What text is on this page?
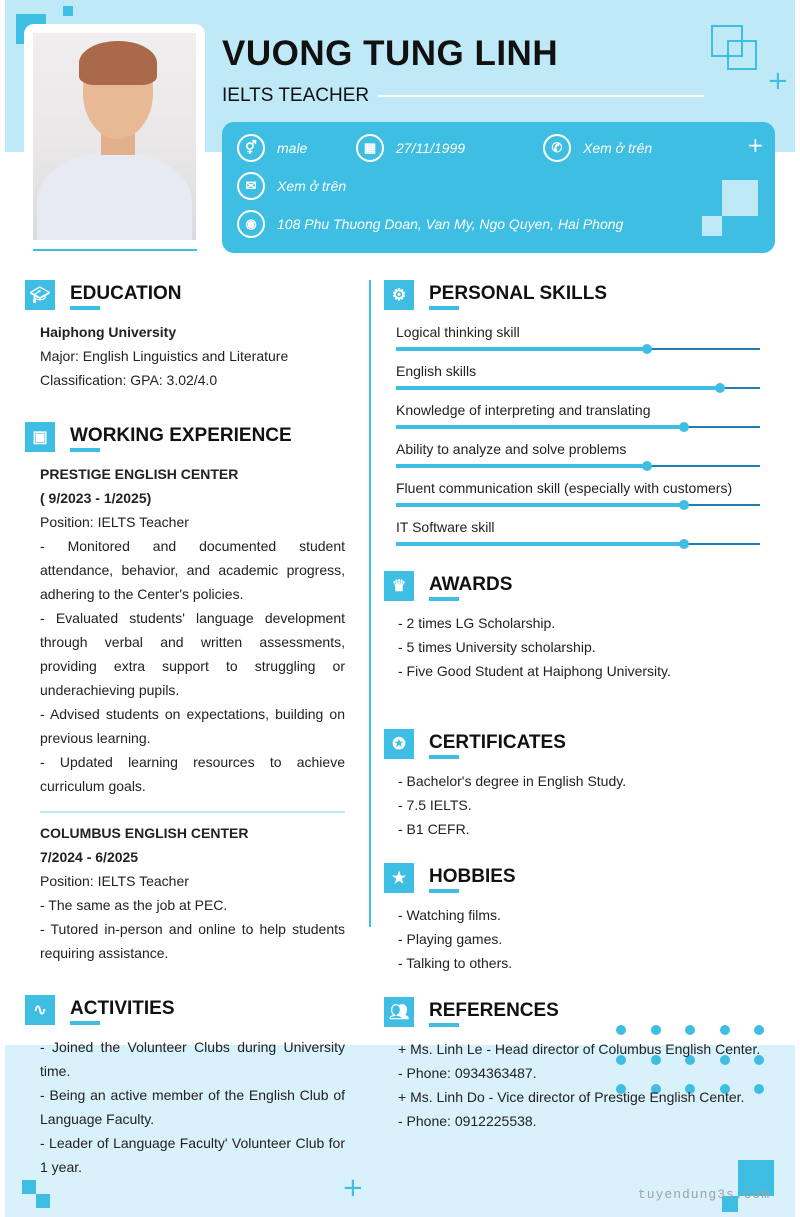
+
VUONG TUNG LINH
IELTS TEACHER
⚥	male	▦	27/11/1999	✆	Xem ở trên
✉	Xem ở trên
◉	108 Phu Thuong Doan, Van My, Ngo Quyen, Hai Phong
+
🎓︎ EDUCATION
Haiphong University
Major: English Linguistics and Literature
Classification: GPA: 3.02/4.0
▣	WORKING EXPERIENCE
PRESTIGE ENGLISH CENTER
( 9/2023 - 1/2025)
Position: IELTS Teacher
- Monitored and documented student attendance, behavior, and academic progress, adhering to the Center's policies.
- Evaluated students' language development through verbal and written assessments, providing extra support to struggling or underachieving pupils.
- Advised students on expectations, building on previous learning.
- Updated learning resources to achieve curriculum goals.
COLUMBUS ENGLISH CENTER
7/2024 - 6/2025
Position: IELTS Teacher
- The same as the job at PEC.
- Tutored in-person and online to help students requiring assistance.
∿	ACTIVITIES
- Joined the Volunteer Clubs during University time.
- Being an active member of the English Club of Language Faculty.
- Leader of Language Faculty' Volunteer Club for 1 year.
⚙	PERSONAL SKILLS
Logical thinking skill
English skills
Knowledge of interpreting and translating
Ability to analyze and solve problems
Fluent communication skill (especially with customers)
IT Software skill
♛	AWARDS
- 2 times LG Scholarship.
- 5 times University scholarship.
- Five Good Student at Haiphong University.
✪	CERTIFICATES
- Bachelor's degree in English Study.
- 7.5 IELTS.
- B1 CEFR.
★	HOBBIES
- Watching films.
- Playing games.
- Talking to others.
👥︎ REFERENCES
+ Ms. Linh Le - Head director of Columbus English Center.
- Phone: 0934363487.
+ Ms. Linh Do - Vice director of Prestige English Center.
- Phone: 0912225538.
+	tuyendung3s.com
